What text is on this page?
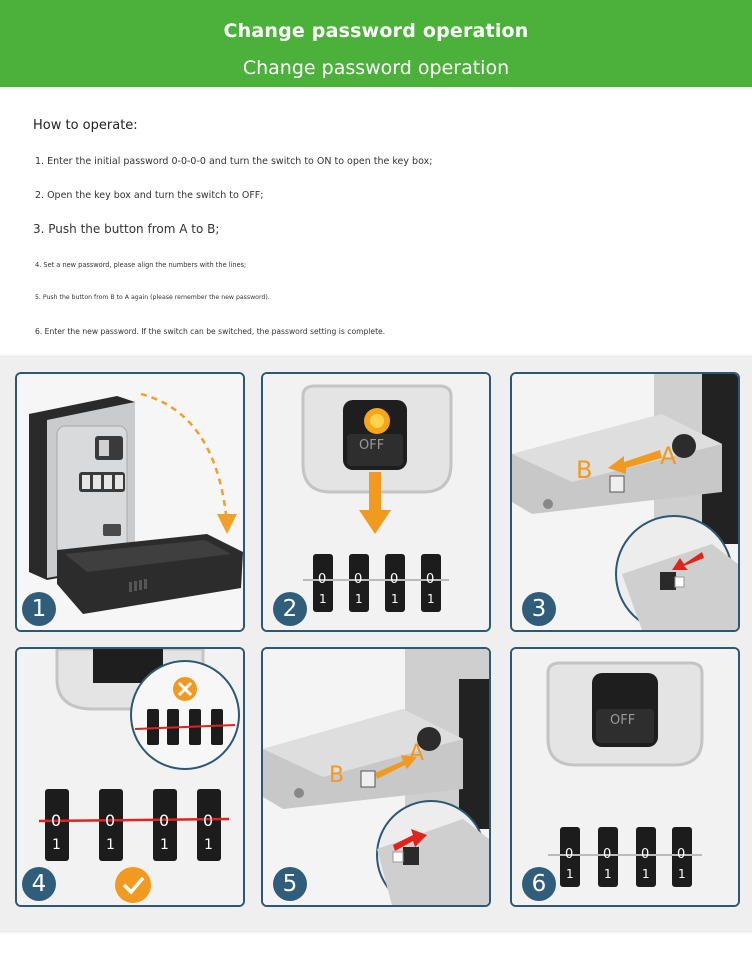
Change password operation
Change password operation
How to operate:
1. Enter the initial password 0-0-0-0 and turn the switch to ON to open the key box;
2. Open the key box and turn the switch to OFF;
3. Push the button from A to B;
4. Set a new password, please align the numbers with the lines;
5. Push the button from B to A again (please remember the new password).
6. Enter the new password. If the switch can be switched, the password setting is complete.
1
OFF
0 0 0 0
1 1 1 1
2
B	A
3
0	0	0 0
1	1	1	1
4
B
A
5
OFF
0 0 0 0
1	1	1 1
6
